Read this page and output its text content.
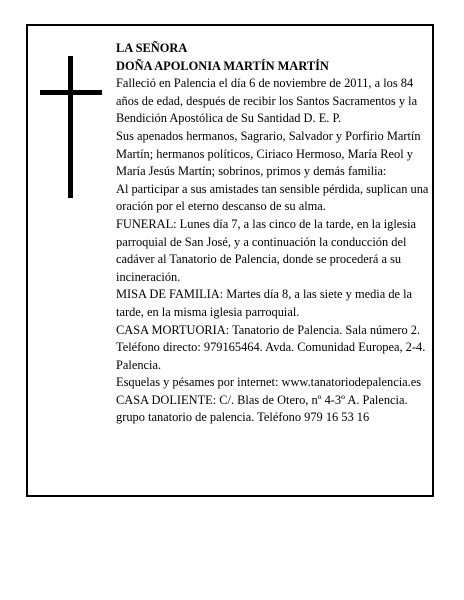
LA SEÑORA

DOÑA APOLONIA MARTÍN MARTÍN

Falleció en Palencia el día 6 de noviembre de 2011, a los 84 años de edad, después de recibir los Santos Sacramentos y la Bendición Apostólica de Su Santidad D. E. P.

Sus apenados hermanos, Sagrario, Salvador y Porfirio Martín Martín; hermanos políticos, Ciriaco Hermoso, María Reol y María Jesús Martín; sobrinos, primos y demás familia:

Al participar a sus amistades tan sensible pérdida, suplican una oración por el eterno descanso de su alma.

FUNERAL: Lunes día 7, a las cinco de la tarde, en la iglesia parroquial de San José, y a continuación la conducción del cadáver al Tanatorio de Palencia, donde se procederá a su incineración.

MISA DE FAMILIA: Martes día 8, a las siete y media de la tarde, en la misma iglesia parroquial.

CASA MORTUORIA: Tanatorio de Palencia. Sala número 2. Teléfono directo: 979165464. Avda. Comunidad Europea, 2-4. Palencia.

Esquelas y pésames por internet: www.tanatoriodepalencia.es

CASA DOLIENTE: C/. Blas de Otero, nº 4-3º A. Palencia.

grupo tanatorio de palencia. Teléfono 979 16 53 16
